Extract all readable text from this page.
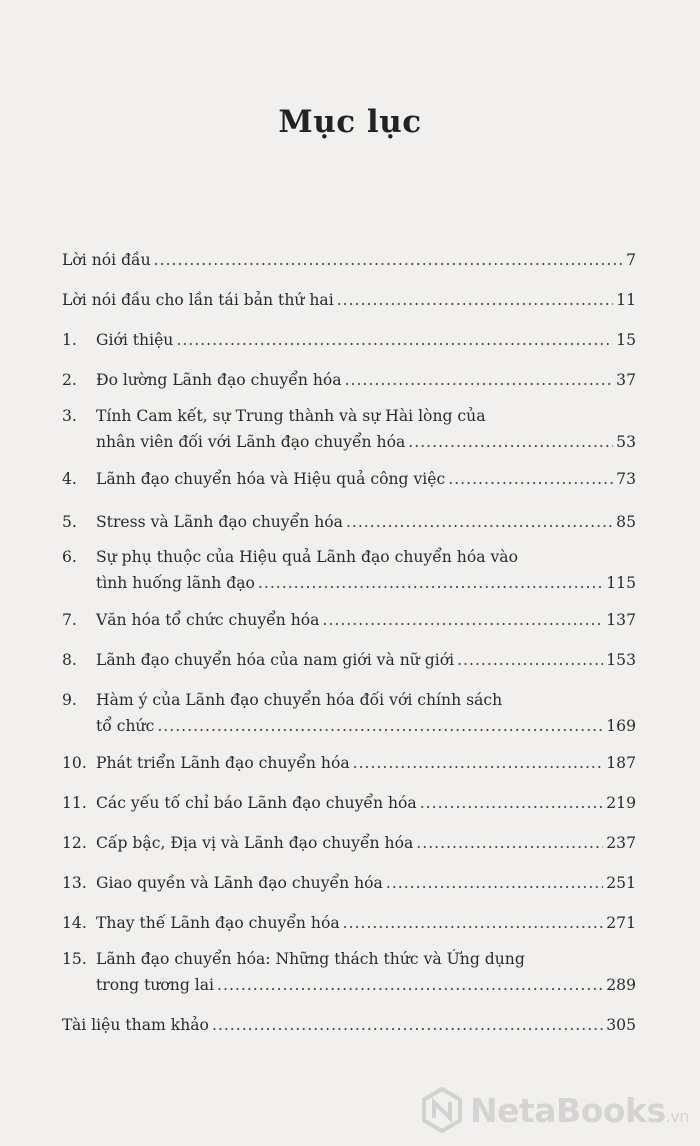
Mục lục
Lời nói đầu .....	7
Lời nói đầu cho lần tái bản thứ hai .....	11
1.	Giới thiệu .....	15
2.	Đo lường Lãnh đạo chuyển hóa .....	37
3.	Tính Cam kết, sự Trung thành và sự Hài lòng của
nhân viên đối với Lãnh đạo chuyển hóa .....	53
4.	Lãnh đạo chuyển hóa và Hiệu quả công việc .....	73
5.	Stress và Lãnh đạo chuyển hóa .....	85
6.	Sự phụ thuộc của Hiệu quả Lãnh đạo chuyển hóa vào
tình huống lãnh đạo .....	115
7.	Văn hóa tổ chức chuyển hóa .....	137
8.	Lãnh đạo chuyển hóa của nam giới và nữ giới .....	153
9.	Hàm ý của Lãnh đạo chuyển hóa đối với chính sách
tổ chức .....	169
10. Phát triển Lãnh đạo chuyển hóa .....	187
11. Các yếu tố chỉ báo Lãnh đạo chuyển hóa .....	219
12. Cấp bậc, Địa vị và Lãnh đạo chuyển hóa .....	237
13. Giao quyền và Lãnh đạo chuyển hóa .....	251
14. Thay thế Lãnh đạo chuyển hóa .....	271
15. Lãnh đạo chuyển hóa: Những thách thức và Ứng dụng
trong tương lai .....	289
Tài liệu tham khảo .....	305
NetaBooks.vn
